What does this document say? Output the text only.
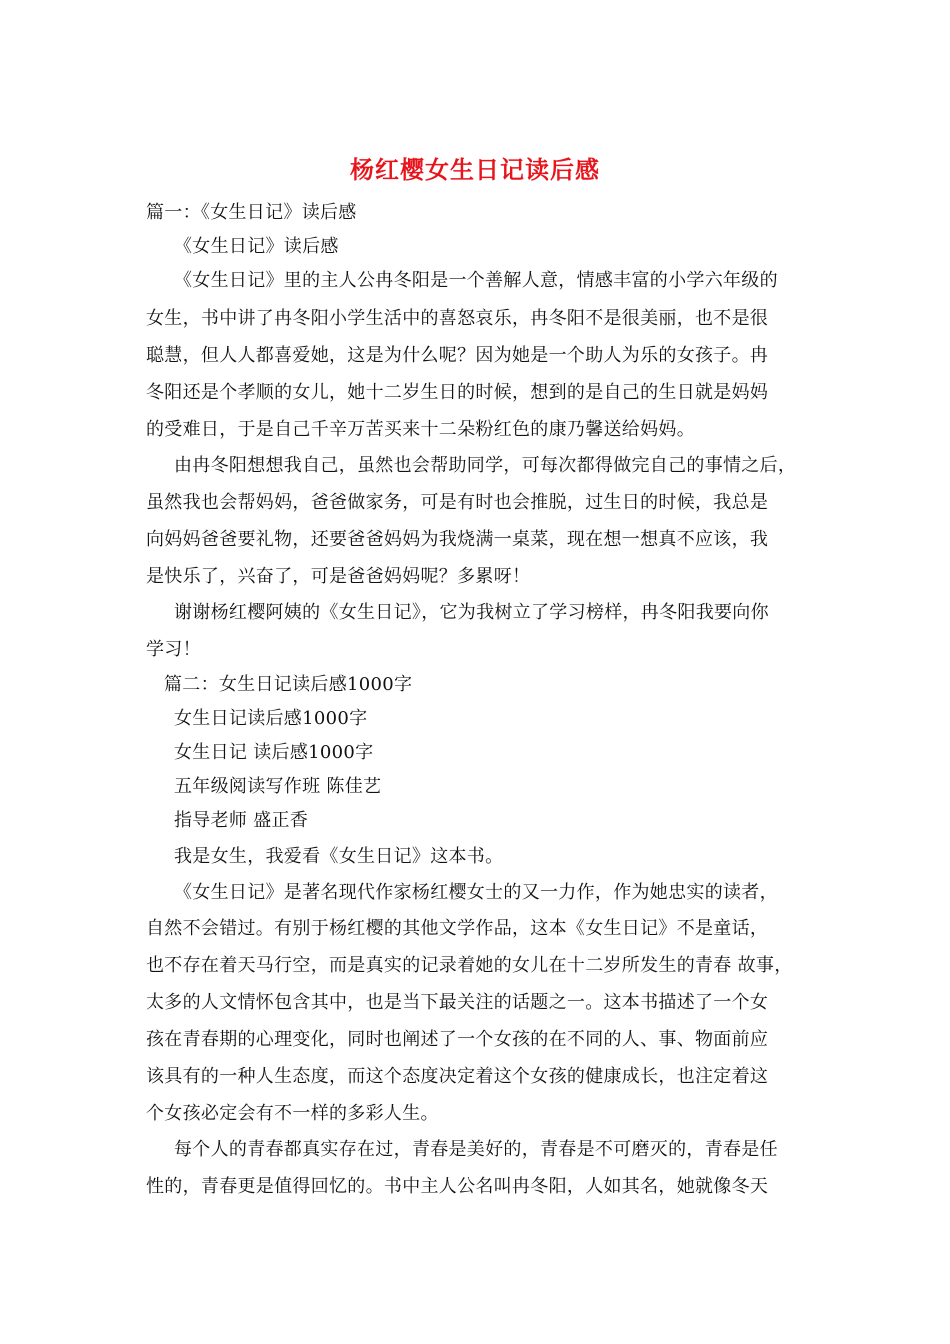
杨红樱女生日记读后感
篇一：《女生日记》读后感
《女生日记》读后感
《女生日记》里的主人公冉冬阳是一个善解人意，情感丰富的小学六年级的
女生，书中讲了冉冬阳小学生活中的喜怒哀乐，冉冬阳不是很美丽，也不是很
聪慧，但人人都喜爱她，这是为什么呢？因为她是一个助人为乐的女孩子。冉
冬阳还是个孝顺的女儿，她十二岁生日的时候，想到的是自己的生日就是妈妈
的受难日，于是自己千辛万苦买来十二朵粉红色的康乃馨送给妈妈。
由冉冬阳想想我自己，虽然也会帮助同学，可每次都得做完自己的事情之后，
虽然我也会帮妈妈，爸爸做家务，可是有时也会推脱，过生日的时候，我总是
向妈妈爸爸要礼物，还要爸爸妈妈为我烧满一桌菜，现在想一想真不应该，我
是快乐了，兴奋了，可是爸爸妈妈呢？多累呀！
谢谢杨红樱阿姨的《女生日记》，它为我树立了学习榜样，冉冬阳我要向你
学习！
篇二：女生日记读后感1000字
女生日记读后感1000字
女生日记 读后感1000字
五年级阅读写作班 陈佳艺
指导老师 盛正香
我是女生，我爱看《女生日记》这本书。
《女生日记》是著名现代作家杨红樱女士的又一力作，作为她忠实的读者，
自然不会错过。有别于杨红樱的其他文学作品，这本《女生日记》不是童话，
也不存在着天马行空，而是真实的记录着她的女儿在十二岁所发生的青春 故事，
太多的人文情怀包含其中，也是当下最关注的话题之一。这本书描述了一个女
孩在青春期的心理变化，同时也阐述了一个女孩的在不同的人、事、物面前应
该具有的一种人生态度，而这个态度决定着这个女孩的健康成长，也注定着这
个女孩必定会有不一样的多彩人生。
每个人的青春都真实存在过，青春是美好的，青春是不可磨灭的，青春是任
性的，青春更是值得回忆的。书中主人公名叫冉冬阳，人如其名，她就像冬天
